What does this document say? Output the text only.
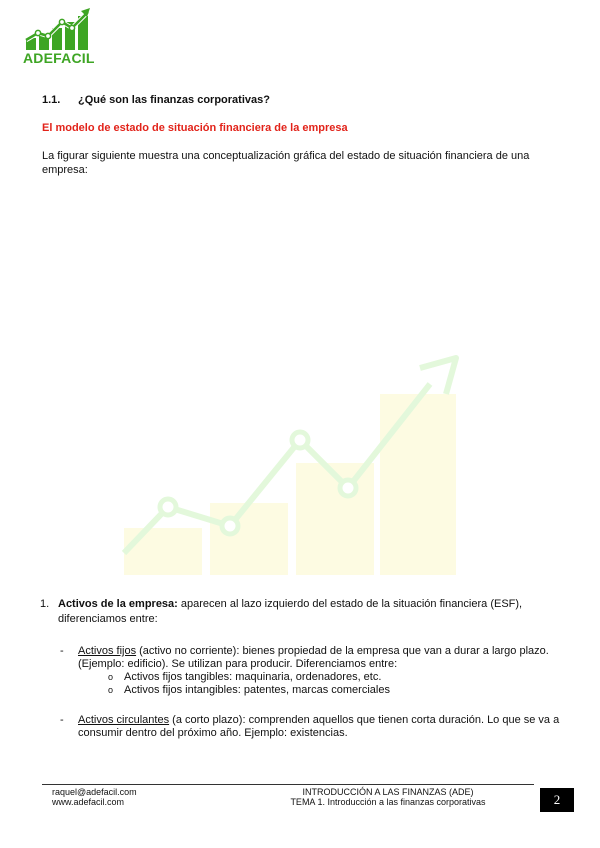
ADEFACIL
1.1. ¿Qué son las finanzas corporativas?
El modelo de estado de situación financiera de la empresa
La figurar siguiente muestra una conceptualización gráfica del estado de situación financiera de una empresa:
1. Activos de la empresa: aparecen al lazo izquierdo del estado de la situación financiera (ESF), diferenciamos entre:
- Activos fijos (activo no corriente): bienes propiedad de la empresa que van a durar a largo plazo. (Ejemplo: edificio). Se utilizan para producir. Diferenciamos entre:
o Activos fijos tangibles: maquinaria, ordenadores, etc.
o Activos fijos intangibles: patentes, marcas comerciales
- Activos circulantes (a corto plazo): comprenden aquellos que tienen corta duración. Lo que se va a consumir dentro del próximo año. Ejemplo: existencias.
raquel@adefacil.com
www.adefacil.com
INTRODUCCIÓN A LAS FINANZAS (ADE)
TEMA 1. Introducción a las finanzas corporativas	2
